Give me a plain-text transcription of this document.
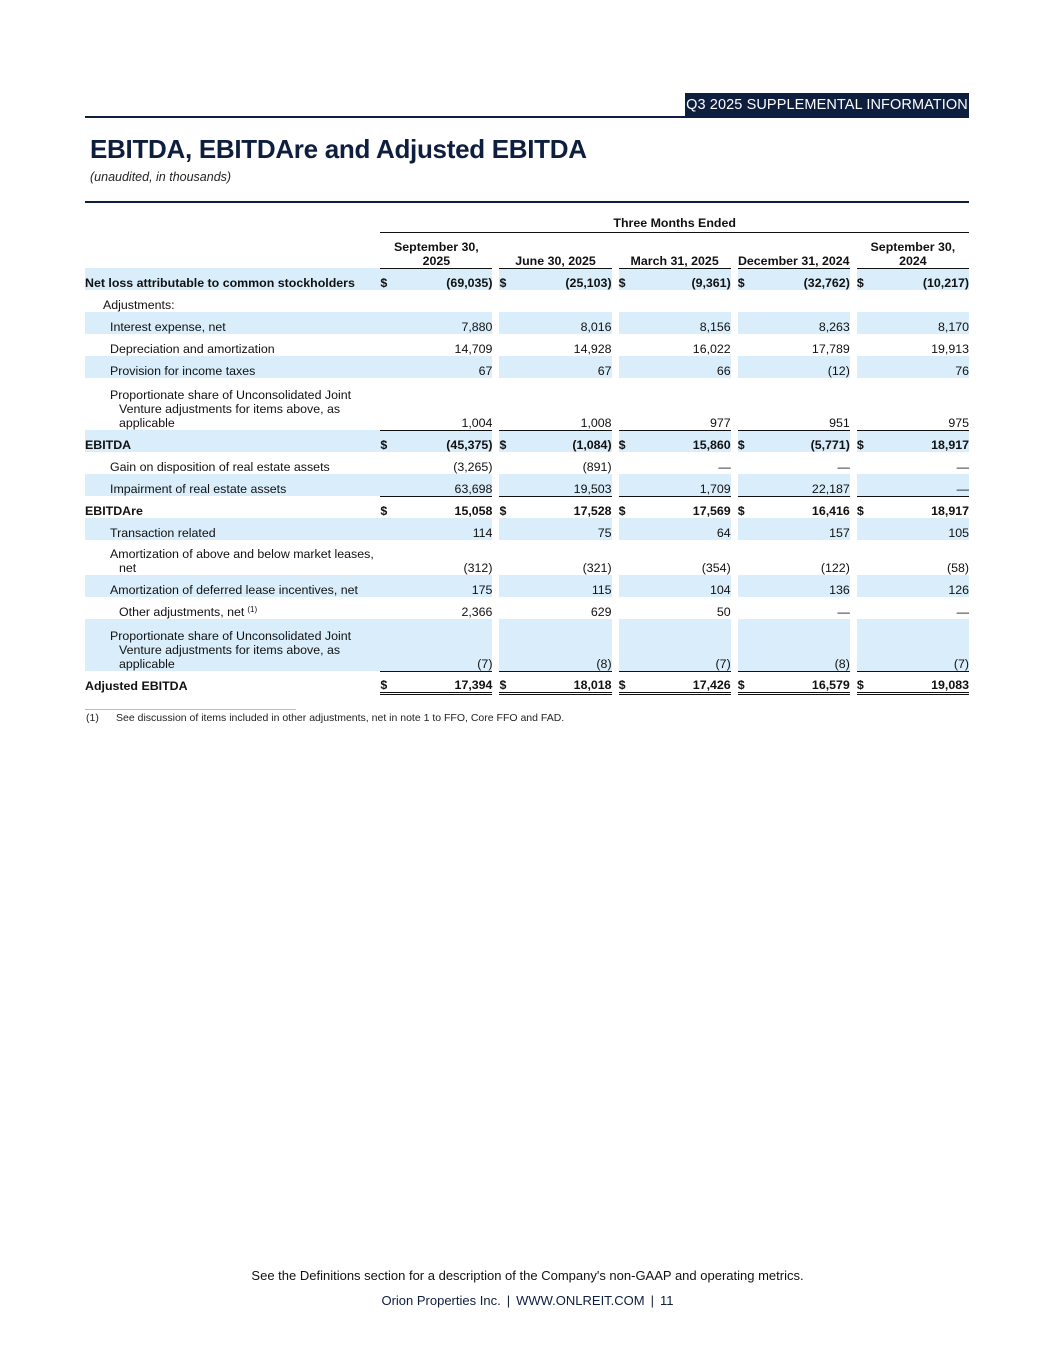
Q3 2025 SUPPLEMENTAL INFORMATION
EBITDA, EBITDAre and Adjusted EBITDA
(unaudited, in thousands)

	Three Months Ended													

	September 30, 2025			June 30, 2025			March 31, 2025			December 31, 2024			September 30, 2024	

Net loss attributable to common stockholders	$	(69,035)		$	(25,103)		$	(9,361)		$	(32,762)		$	(10,217)

Adjustments:														

Interest expense, net		7,880			8,016			8,156			8,263			8,170

Depreciation and amortization		14,709			14,928			16,022			17,789			19,913

Provision for income taxes		67			67			66			(12)			76

Proportionate share of Unconsolidated Joint Venture adjustments for items above, as applicable		1,004			1,008			977			951			975

EBITDA	$	(45,375)		$	(1,084)		$	15,860		$	(5,771)		$	18,917

Gain on disposition of real estate assets		(3,265)			(891)			—			—			—

Impairment of real estate assets		63,698			19,503			1,709			22,187			—

EBITDAre	$	15,058		$	17,528		$	17,569		$	16,416		$	18,917

Transaction related		114			75			64			157			105

Amortization of above and below market leases, net		(312)			(321)			(354)			(122)			(58)

Amortization of deferred lease incentives, net		175			115			104			136			126
Other adjustments, net $^{(1)}$		2,366			629			50			—			—

Proportionate share of Unconsolidated Joint Venture adjustments for items above, as applicable		(7)			(8)			(7)			(8)			(7)

Adjusted EBITDA	$	17,394		$	18,018		$	17,426		$	16,579		$	19,083
(1) See discussion of items included in other adjustments, net in note 1 to FFO, Core FFO and FAD.
See the Definitions section for a description of the Company's non-GAAP and operating metrics.
Orion Properties Inc. | WWW.ONLREIT.COM | 11
